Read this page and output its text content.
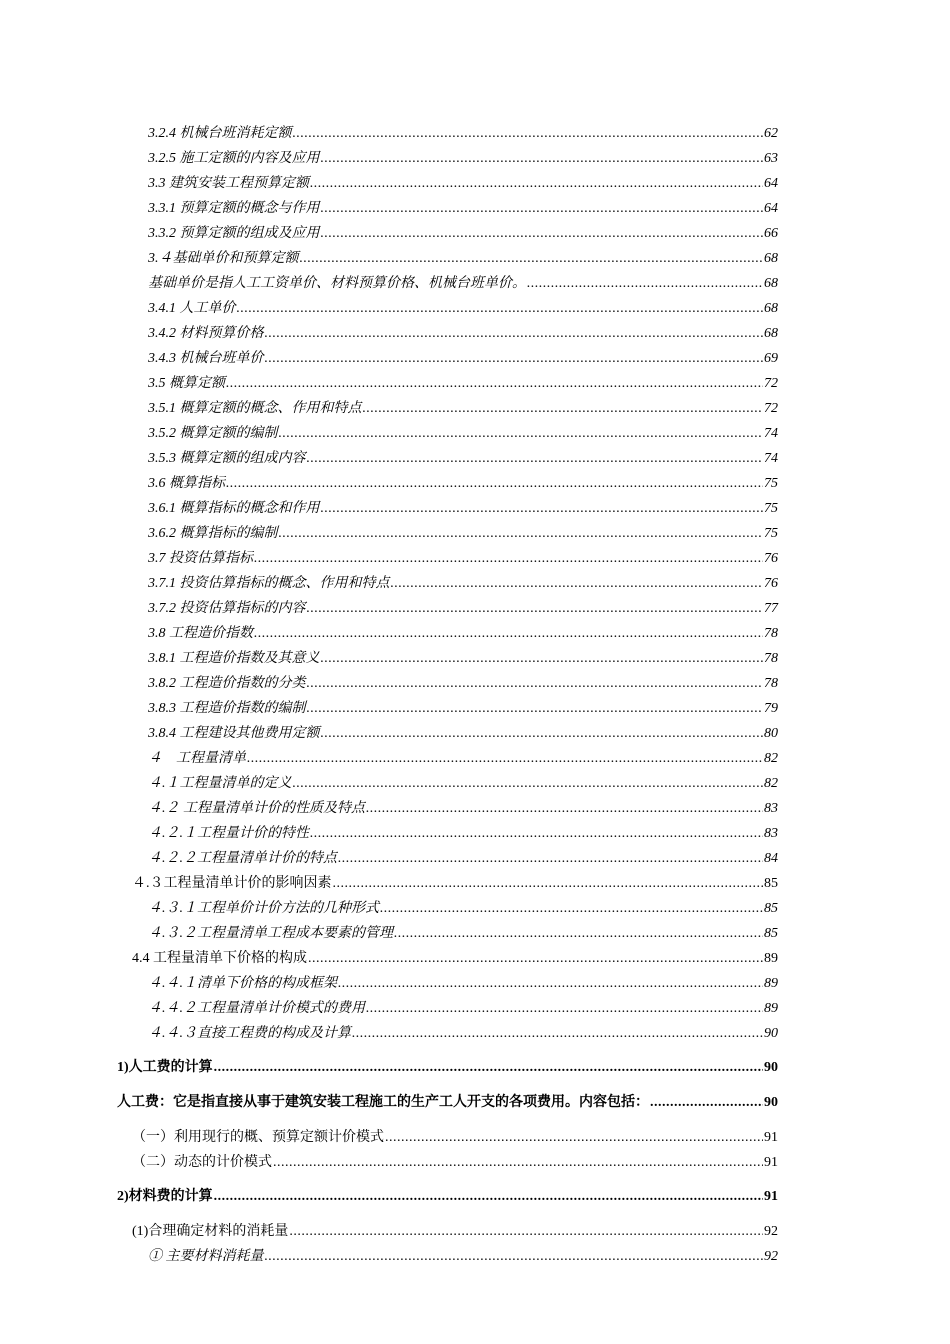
3.2.4 机械台班消耗定额 .....	62
3.2.5 施工定额的内容及应用 .....	63
3.3 建筑安装工程预算定额 .....	64
3.3.1 预算定额的概念与作用 .....	64
3.3.2 预算定额的组成及应用 .....	66
3.４基础单价和预算定额 .....	68
基础单价是指人工工资单价、材料预算价格、机械台班单价。 .....	68
3.4.1 人工单价 .....	68
3.4.2 材料预算价格 .....	68
3.4.3 机械台班单价 .....	69
3.5 概算定额 .....	72
3.5.1 概算定额的概念、作用和特点 .....	72
3.5.2 概算定额的编制 .....	74
3.5.3 概算定额的组成内容 .....	74
3.6 概算指标 .....	75
3.6.1 概算指标的概念和作用 .....	75
3.6.2 概算指标的编制 .....	75
3.7 投资估算指标 .....	76
3.7.1 投资估算指标的概念、作用和特点 .....	76
3.7.2 投资估算指标的内容 .....	77
3.8 工程造价指数 .....	78
3.8.1 工程造价指数及其意义 .....	78
3.8.2 工程造价指数的分类 .....	78
3.8.3 工程造价指数的编制 .....	79
3.8.4 工程建设其他费用定额 .....	80
４　工程量清单 .....	82
４.１工程量清单的定义 .....	82
４.２ 工程量清单计价的性质及特点 .....	83
４.２.１工程量计价的特性 .....	83
４.２.２工程量清单计价的特点 .....	84
４.３工程量清单计价的影响因素 .....	85
４.３.１工程单价计价方法的几种形式 .....	85
４.３.２工程量清单工程成本要素的管理 .....	85
4.4 工程量清单下价格的构成 .....	89
４.４.１清单下价格的构成框架 .....	89
４.４.２工程量清单计价模式的费用 .....	89
４.４.３直接工程费的构成及计算 .....	90
1)人工费的计算 .....	90
人工费：它是指直接从事于建筑安装工程施工的生产工人开支的各项费用。内容包括： .....	90
（一）利用现行的概、预算定额计价模式 .....	91
（二）动态的计价模式 .....	91
2)材料费的计算 .....	91
(1)合理确定材料的消耗量 .....	92
① 主要材料消耗量 .....	92
